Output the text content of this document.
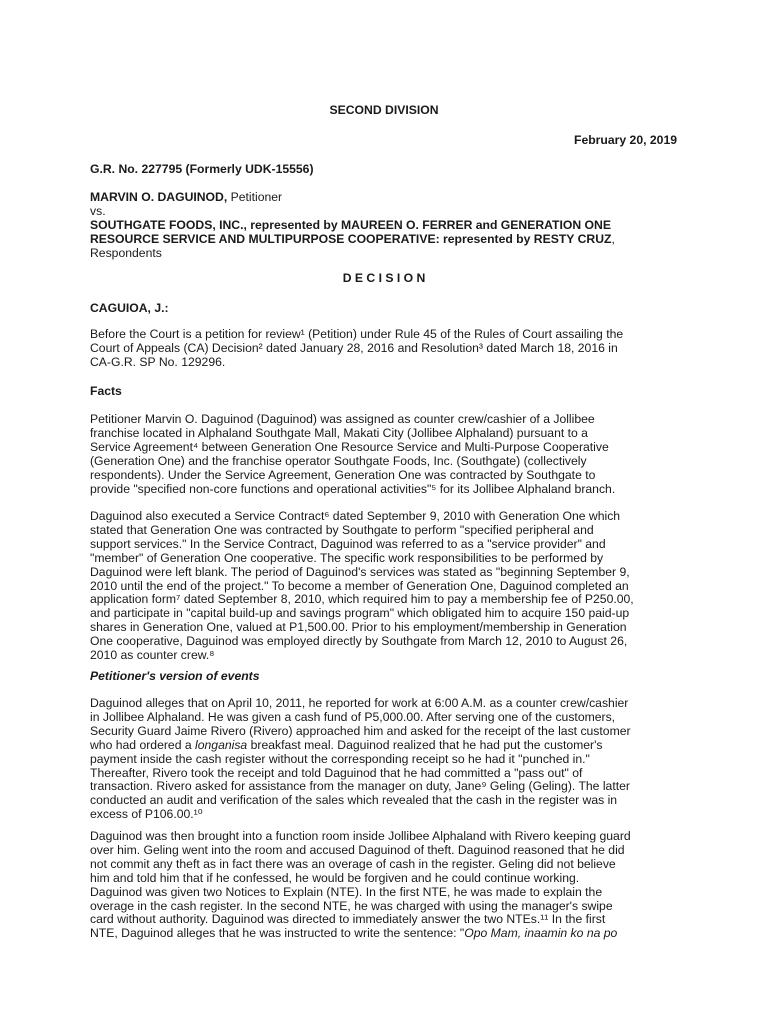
SECOND DIVISION

February 20, 2019

G.R. No. 227795 (Formerly UDK-15556)

MARVIN O. DAGUINOD, Petitioner
vs.
SOUTHGATE FOODS, INC., represented by MAUREEN O. FERRER and GENERATION ONE
RESOURCE SERVICE AND MULTIPURPOSE COOPERATIVE: represented by RESTY CRUZ,
Respondents

D E C I S I O N

CAGUIOA, J.:

Before the Court is a petition for review¹ (Petition) under Rule 45 of the Rules of Court assailing the
Court of Appeals (CA) Decision² dated January 28, 2016 and Resolution³ dated March 18, 2016 in
CA-G.R. SP No. 129296.

Facts

Petitioner Marvin O. Daguinod (Daguinod) was assigned as counter crew/cashier of a Jollibee
franchise located in Alphaland Southgate Mall, Makati City (Jollibee Alphaland) pursuant to a
Service Agreement⁴ between Generation One Resource Service and Multi-Purpose Cooperative
(Generation One) and the franchise operator Southgate Foods, Inc. (Southgate) (collectively
respondents). Under the Service Agreement, Generation One was contracted by Southgate to
provide "specified non-core functions and operational activities"⁵ for its Jollibee Alphaland branch.

Daguinod also executed a Service Contract⁶ dated September 9, 2010 with Generation One which
stated that Generation One was contracted by Southgate to perform "specified peripheral and
support services." In the Service Contract, Daguinod was referred to as a "service provider" and
"member" of Generation One cooperative. The specific work responsibilities to be performed by
Daguinod were left blank. The period of Daguinod's services was stated as "beginning September 9,
2010 until the end of the project." To become a member of Generation One, Daguinod completed an
application form⁷ dated September 8, 2010, which required him to pay a membership fee of P250.00,
and participate in "capital build-up and savings program" which obligated him to acquire 150 paid-up
shares in Generation One, valued at P1,500.00. Prior to his employment/membership in Generation
One cooperative, Daguinod was employed directly by Southgate from March 12, 2010 to August 26,
2010 as counter crew.⁸

Petitioner's version of events

Daguinod alleges that on April 10, 2011, he reported for work at 6:00 A.M. as a counter crew/cashier
in Jollibee Alphaland. He was given a cash fund of P5,000.00. After serving one of the customers,
Security Guard Jaime Rivero (Rivero) approached him and asked for the receipt of the last customer
who had ordered a longanisa breakfast meal. Daguinod realized that he had put the customer's
payment inside the cash register without the corresponding receipt so he had it "punched in."
Thereafter, Rivero took the receipt and told Daguinod that he had committed a "pass out" of
transaction. Rivero asked for assistance from the manager on duty, Jane⁹ Geling (Geling). The latter
conducted an audit and verification of the sales which revealed that the cash in the register was in
excess of P106.00.¹⁰

Daguinod was then brought into a function room inside Jollibee Alphaland with Rivero keeping guard
over him. Geling went into the room and accused Daguinod of theft. Daguinod reasoned that he did
not commit any theft as in fact there was an overage of cash in the register. Geling did not believe
him and told him that if he confessed, he would be forgiven and he could continue working.
Daguinod was given two Notices to Explain (NTE). In the first NTE, he was made to explain the
overage in the cash register. In the second NTE, he was charged with using the manager's swipe
card without authority. Daguinod was directed to immediately answer the two NTEs.¹¹ In the first
NTE, Daguinod alleges that he was instructed to write the sentence: "Opo Mam, inaamin ko na po
